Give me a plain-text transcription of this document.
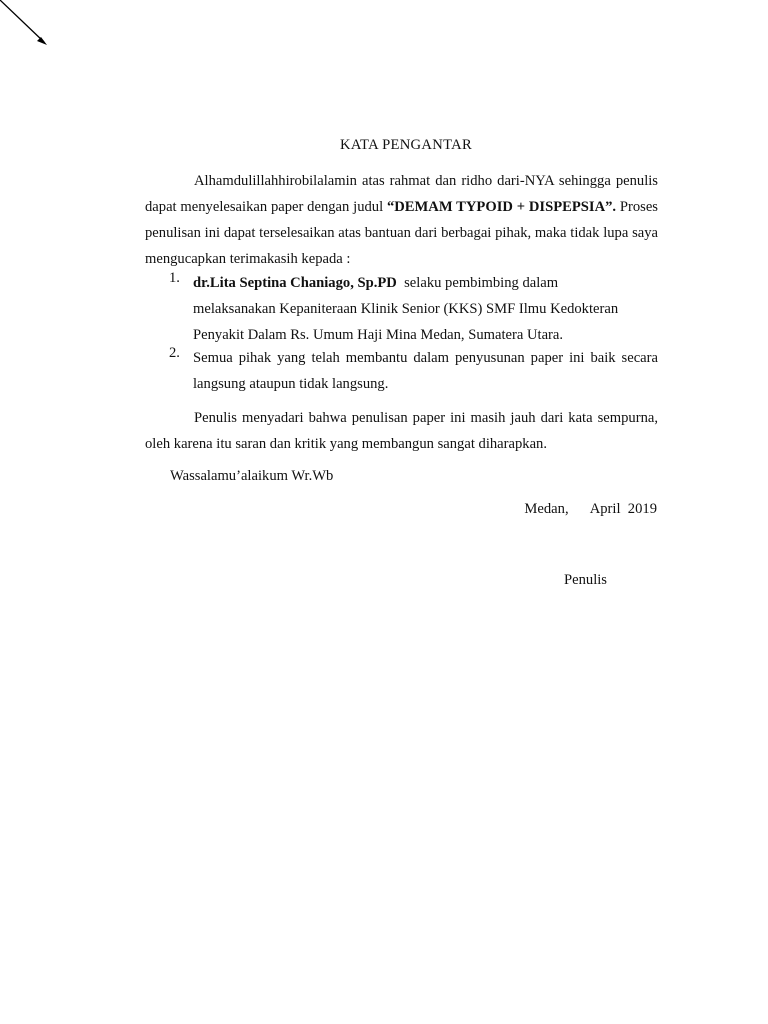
KATA PENGANTAR
Alhamdulillahhirobilalamin atas rahmat dan ridho dari-NYA sehingga penulis dapat menyelesaikan paper dengan judul “DEMAM TYPOID + DISPEPSIA”. Proses penulisan ini dapat terselesaikan atas bantuan dari berbagai pihak, maka tidak lupa saya mengucapkan terimakasih kepada :
1. dr.Lita Septina Chaniago, Sp.PD  selaku pembimbing dalam
melaksanakan Kepaniteraan Klinik Senior (KKS) SMF Ilmu Kedokteran
Penyakit Dalam Rs. Umum Haji Mina Medan, Sumatera Utara.
2. Semua pihak yang telah membantu dalam penyusunan paper ini baik secara langsung ataupun tidak langsung.
Penulis menyadari bahwa penulisan paper ini masih jauh dari kata sempurna, oleh karena itu saran dan kritik yang membangun sangat diharapkan.
Wassalamu’alaikum Wr.Wb
Medan, April  2019
Penulis
